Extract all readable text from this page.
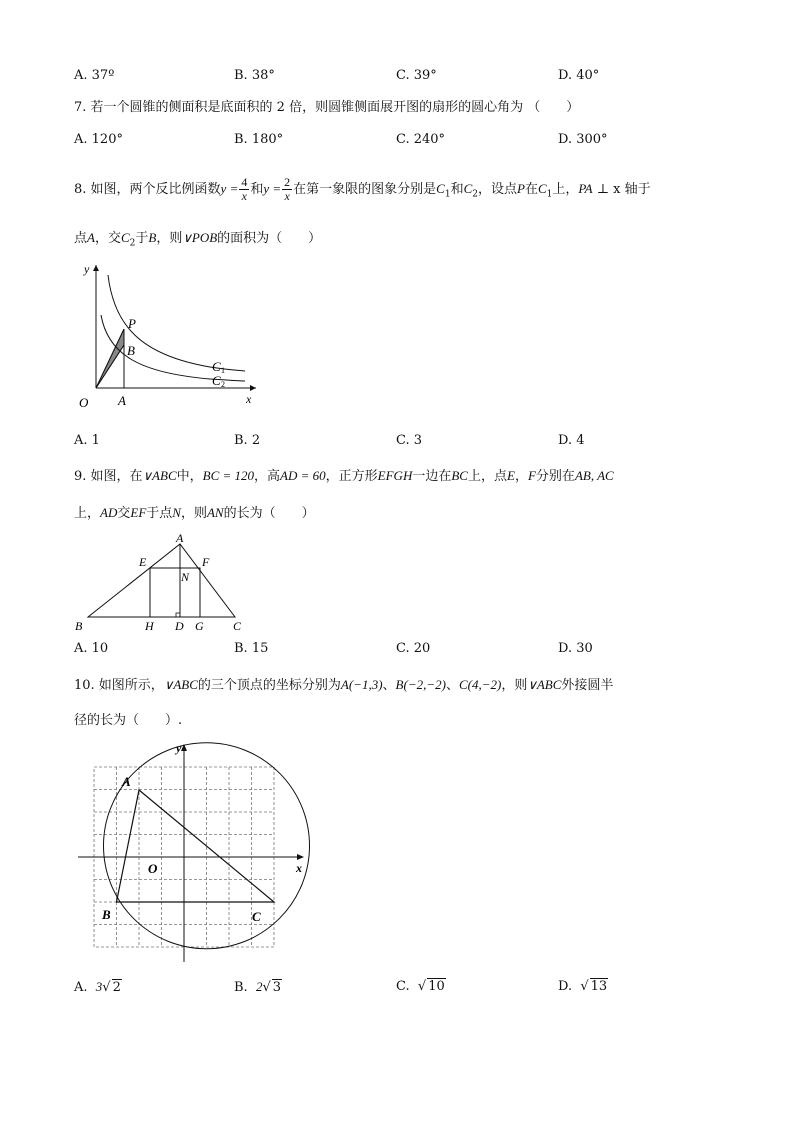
A. 37º	B. 38°	C. 39°	D. 40°
7. 若一个圆锥的侧面积是底面积的 2 倍，则圆锥侧面展开图的扇形的圆心角为 （　　）
A. 120°	B. 180°	C. 240°	D. 300°
8. 如图，两个反比例函数$y = \frac{4}{x}$ 和$y = \frac{2}{x}$ 在第一象限的图象分别是$C_1$和$C_2$，设点P在$C_1$上，PA ⊥ x 轴于
点A，交$C_2$于B，则∨POB的面积为（　　）
y
P
B
C 1
C 2
O A	x
A. 1	B. 2	C. 3	D. 4
9. 如图，在∨ABC中，BC = 120，高AD = 60，正方形EFGH一边在BC上，点E，F分别在AB, AC
上，AD交EF于点N，则AN的长为（　　）
A
E	F
N
B	H D G C
A. 10	B. 15	C. 20	D. 30
10. 如图所示，∨ABC的三个顶点的坐标分别为A(−1,3)、B(−2,−2)、C(4,−2)，则∨ABC外接圆半
径的长为（　　）.
y
A
O	x
B	C
A. 3√ 2	B. 2√ 3	C. √ 10	D. √ 13
